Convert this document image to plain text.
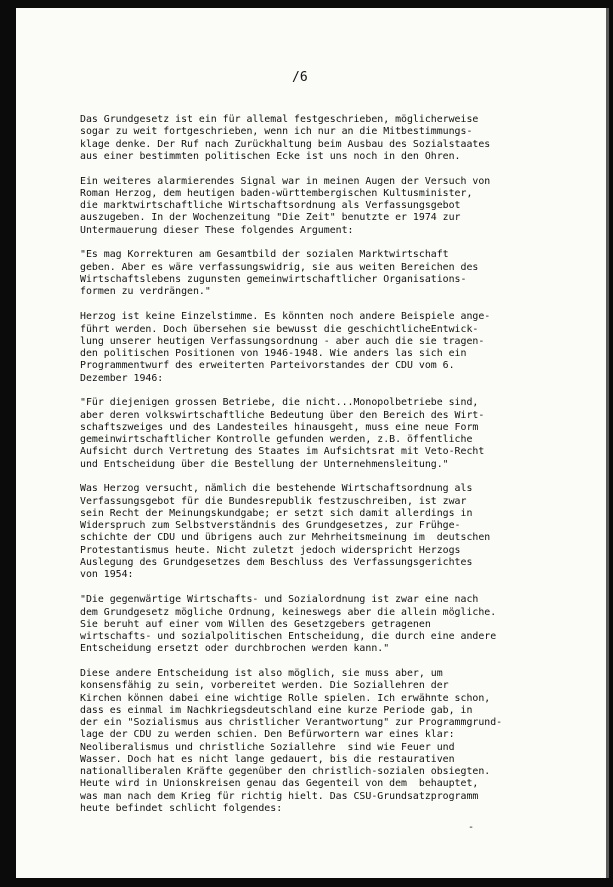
/6
Das Grundgesetz ist ein für allemal festgeschrieben, möglicherweise
sogar zu weit fortgeschrieben, wenn ich nur an die Mitbestimmungs-
klage denke. Der Ruf nach Zurückhaltung beim Ausbau des Sozialstaates
aus einer bestimmten politischen Ecke ist uns noch in den Ohren.
Ein weiteres alarmierendes Signal war in meinen Augen der Versuch von
Roman Herzog, dem heutigen baden-württembergischen Kultusminister,
die marktwirtschaftliche Wirtschaftsordnung als Verfassungsgebot
auszugeben. In der Wochenzeitung "Die Zeit" benutzte er 1974 zur
Untermauerung dieser These folgendes Argument:
"Es mag Korrekturen am Gesamtbild der sozialen Marktwirtschaft
geben. Aber es wäre verfassungswidrig, sie aus weiten Bereichen des
Wirtschaftslebens zugunsten gemeinwirtschaftlicher Organisations-
formen zu verdrängen."
Herzog ist keine Einzelstimme. Es könnten noch andere Beispiele ange-
führt werden. Doch übersehen sie bewusst die geschichtlicheEntwick-
lung unserer heutigen Verfassungsordnung - aber auch die sie tragen-
den politischen Positionen von 1946-1948. Wie anders las sich ein
Programmentwurf des erweiterten Parteivorstandes der CDU vom 6.
Dezember 1946:
"Für diejenigen grossen Betriebe, die nicht...Monopolbetriebe sind,
aber deren volkswirtschaftliche Bedeutung über den Bereich des Wirt-
schaftszweiges und des Landesteiles hinausgeht, muss eine neue Form
gemeinwirtschaftlicher Kontrolle gefunden werden, z.B. öffentliche
Aufsicht durch Vertretung des Staates im Aufsichtsrat mit Veto-Recht
und Entscheidung über die Bestellung der Unternehmensleitung."
Was Herzog versucht, nämlich die bestehende Wirtschaftsordnung als
Verfassungsgebot für die Bundesrepublik festzuschreiben, ist zwar
sein Recht der Meinungskundgabe; er setzt sich damit allerdings in
Widerspruch zum Selbstverständnis des Grundgesetzes, zur Frühge-
schichte der CDU und übrigens auch zur Mehrheitsmeinung im  deutschen
Protestantismus heute. Nicht zuletzt jedoch widerspricht Herzogs
Auslegung des Grundgesetzes dem Beschluss des Verfassungsgerichtes
von 1954:
"Die gegenwärtige Wirtschafts- und Sozialordnung ist zwar eine nach
dem Grundgesetz mögliche Ordnung, keineswegs aber die allein mögliche.
Sie beruht auf einer vom Willen des Gesetzgebers getragenen
wirtschafts- und sozialpolitischen Entscheidung, die durch eine andere
Entscheidung ersetzt oder durchbrochen werden kann."
Diese andere Entscheidung ist also möglich, sie muss aber, um
konsensfähig zu sein, vorbereitet werden. Die Soziallehren der
Kirchen können dabei eine wichtige Rolle spielen. Ich erwähnte schon,
dass es einmal im Nachkriegsdeutschland eine kurze Periode gab, in
der ein "Sozialismus aus christlicher Verantwortung" zur Programmgrund-
lage der CDU zu werden schien. Den Befürwortern war eines klar:
Neoliberalismus und christliche Soziallehre  sind wie Feuer und
Wasser. Doch hat es nicht lange gedauert, bis die restaurativen
nationalliberalen Kräfte gegenüber den christlich-sozialen obsiegten.
Heute wird in Unionskreisen genau das Gegenteil von dem  behauptet,
was man nach dem Krieg für richtig hielt. Das CSU-Grundsatzprogramm
heute befindet schlicht folgendes:
-
